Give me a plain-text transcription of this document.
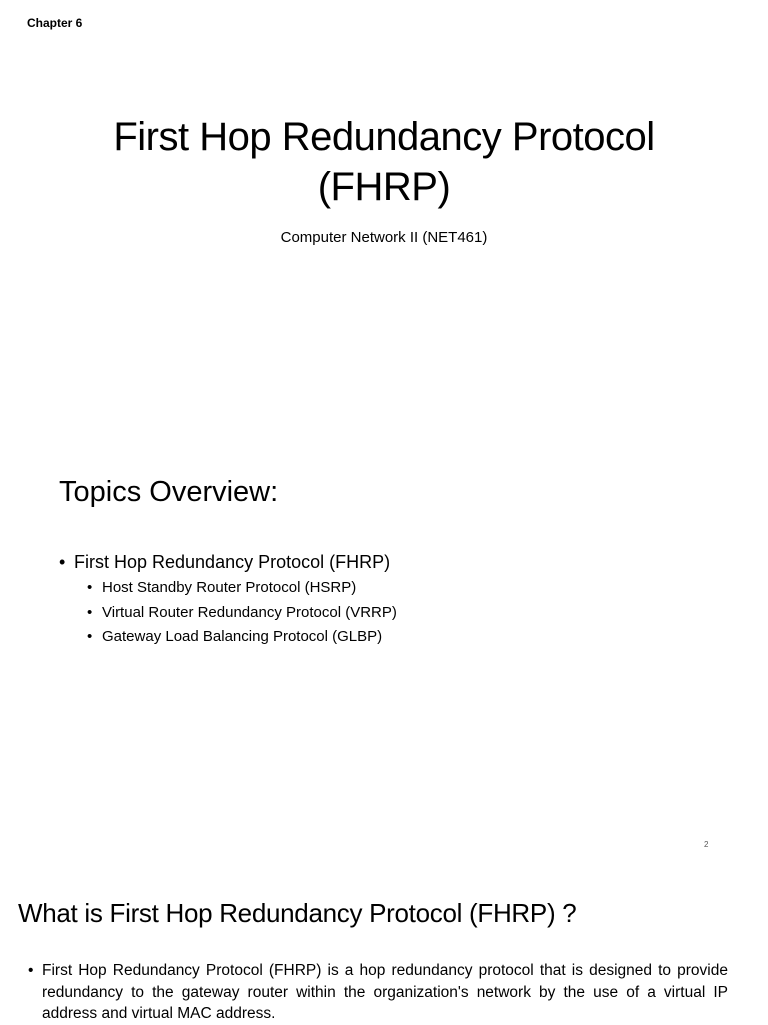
Chapter 6
First Hop Redundancy Protocol
(FHRP)
Computer Network II (NET461)
Topics Overview:
• First Hop Redundancy Protocol (FHRP)
• Host Standby Router Protocol (HSRP)
• Virtual Router Redundancy Protocol (VRRP)
• Gateway Load Balancing Protocol (GLBP)
2
What is First Hop Redundancy Protocol (FHRP) ?
• First Hop Redundancy Protocol (FHRP) is a hop redundancy protocol that is designed to provide redundancy to the gateway router within the organization's network by the use of a virtual IP address and virtual MAC address.
